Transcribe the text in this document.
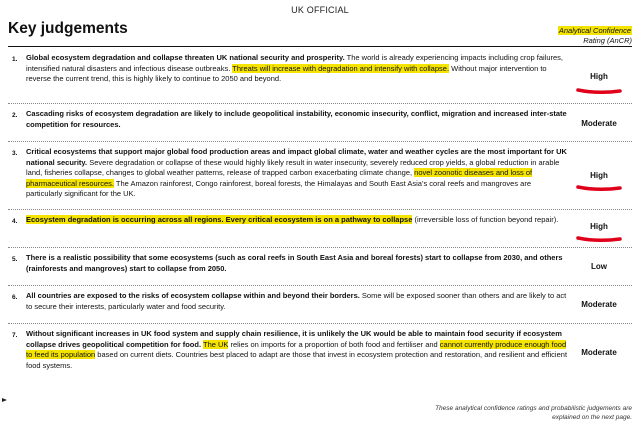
UK OFFICIAL
Key judgements	Analytical Confidence
Rating (AnCR)
1. Global ecosystem degradation and collapse threaten UK national security and prosperity. The world is already experiencing impacts including crop failures, intensified natural disasters and infectious disease outbreaks. Threats will increase with degradation and intensify with collapse. Without major intervention to reverse the current trend, this is highly likely to continue to 2050 and beyond.	High
2. Cascading risks of ecosystem degradation are likely to include geopolitical instability, economic insecurity, conflict, migration and increased inter-state competition for resources.	Moderate
3. Critical ecosystems that support major global food production areas and impact global climate, water and weather cycles are the most important for UK national security. Severe degradation or collapse of these would highly likely result in water insecurity, severely reduced crop yields, a global reduction in arable land, fisheries collapse, changes to global weather patterns, release of trapped carbon exacerbating climate change, novel zoonotic diseases and loss of pharmaceutical resources. The Amazon rainforest, Congo rainforest, boreal forests, the Himalayas and South East Asia’s coral reefs and mangroves are particularly significant for the UK.
High
4. Ecosystem degradation is occurring across all regions. Every critical ecosystem is on a pathway to collapse (irreversible loss of function beyond repair).
High
5. There is a realistic possibility that some ecosystems (such as coral reefs in South East Asia and boreal forests) start to collapse from 2030, and others (rainforests and mangroves) start to collapse from 2050.	Low
6. All countries are exposed to the risks of ecosystem collapse within and beyond their borders. Some will be exposed sooner than others and are likely to act to secure their interests, particularly water and food security.	Moderate
7. Without significant increases in UK food system and supply chain resilience, it is unlikely the UK would be able to maintain food security if ecosystem collapse drives geopolitical competition for food. The UK relies on imports for a proportion of both food and fertiliser and cannot currently produce enough food to feed its population based on current diets. Countries best placed to adapt are those that invest in ecosystem protection and restoration, and resilient and efficient food systems.
Moderate
These analytical confidence ratings and probabilistic judgements are explained on the next page.
